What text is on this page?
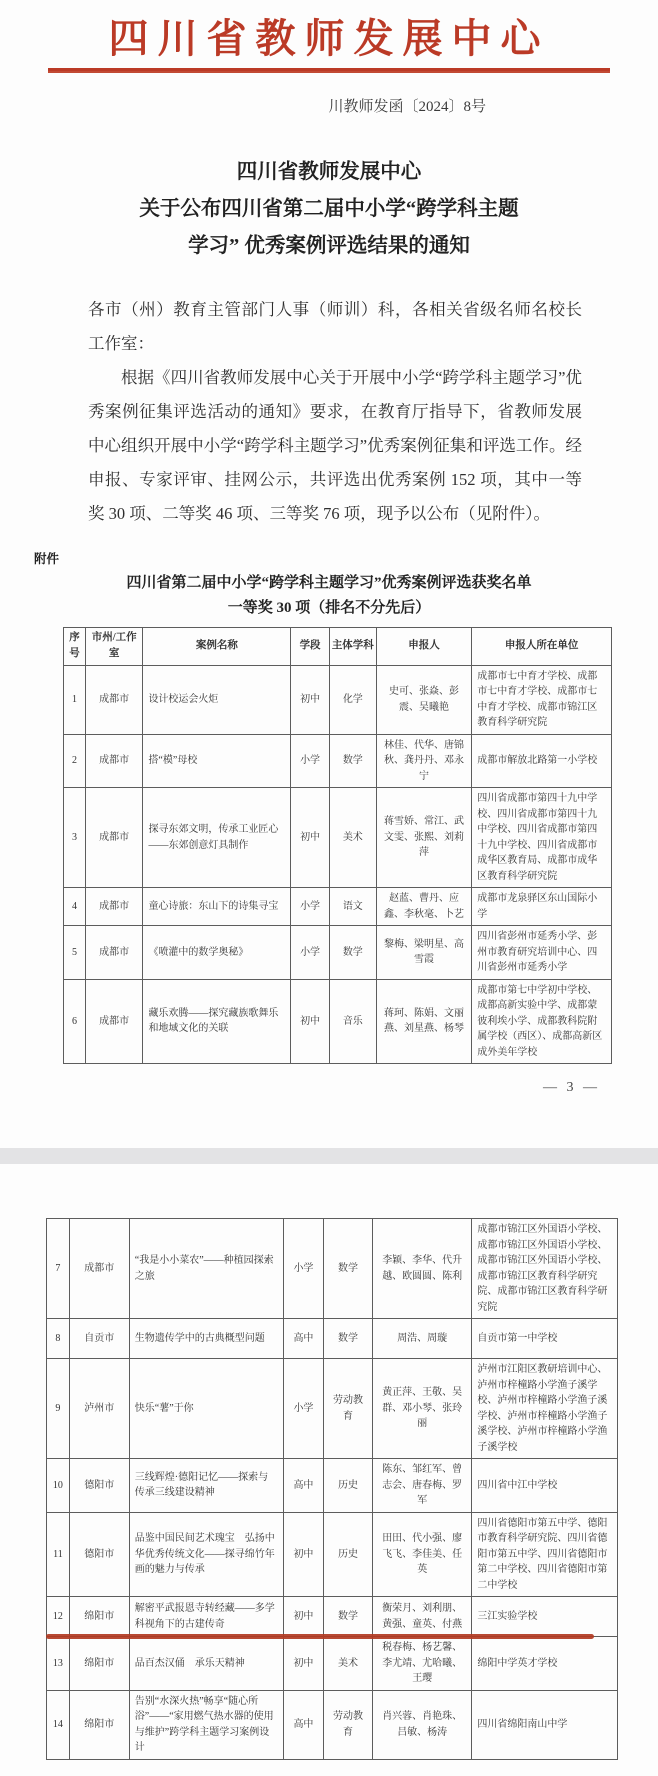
四川省教师发展中心
川教师发函〔2024〕8号
四川省教师发展中心
关于公布四川省第二届中小学“跨学科主题
学习” 优秀案例评选结果的通知

各市（州）教育主管部门人事（师训）科，各相关省级名师名校长工作室：

根据《四川省教师发展中心关于开展中小学“跨学科主题学习”优秀案例征集评选活动的通知》要求，在教育厅指导下，省教师发展中心组织开展中小学“跨学科主题学习”优秀案例征集和评选工作。经申报、专家评审、挂网公示，共评选出优秀案例 152 项，其中一等奖 30 项、二等奖 46 项、三等奖 76 项，现予以公布（见附件）。

附件
四川省第二届中小学“跨学科主题学习”优秀案例评选获奖名单
一等奖 30 项（排名不分先后）
序号	市州/工作室	案例名称	学段	主体学科	申报人	申报人所在单位
1	成都市	设计校运会火炬	初中	化学	史可、张焱、彭震、吴曦艳	成都市七中育才学校、成都市七中育才学校、成都市七中育才学校、成都市锦江区教育科学研究院
2	成都市	搭“模”母校	小学	数学	林佳、代华、唐锦秋、龚丹丹、邓永宁	成都市解放北路第一小学校
3	成都市	探寻东郊文明，传承工业匠心——东郊创意灯具制作	初中	美术	蒋雪娇、常江、武文雯、张熙、刘莉萍	四川省成都市第四十九中学校、四川省成都市第四十九中学校、四川省成都市第四十九中学校、四川省成都市成华区教育局、成都市成华区教育科学研究院
4	成都市	童心诗旅：东山下的诗集寻宝	小学	语文	赵蓝、曹丹、应鑫、李秋毫、卜艺	成都市龙泉驿区东山国际小学
5	成都市	《喷灌中的数学奥秘》	小学	数学	黎梅、梁明星、高雪霞	四川省彭州市延秀小学、彭州市教育研究培训中心、四川省彭州市延秀小学
6	成都市	藏乐欢腾——探究藏族歌舞乐和地域文化的关联	初中	音乐	蒋珂、陈娟、文丽燕、刘星燕、杨琴	成都市第七中学初中学校、成都高新实验中学、成都蒙彼利埃小学、成都教科院附属学校（西区）、成都高新区成外美年学校
— 3 —
7	成都市	“我是小小菜农”——种植园探索之旅	小学	数学	李颖、李华、代升越、欧圆圆、陈利	成都市锦江区外国语小学校、成都市锦江区外国语小学校、成都市锦江区外国语小学校、成都市锦江区教育科学研究院、成都市锦江区教育科学研究院
8	自贡市	生物遗传学中的古典概型问题	高中	数学	周浩、周璇	自贡市第一中学校
9	泸州市	快乐“薯”于你	小学	劳动教育	黄正萍、王敬、吴群、邓小琴、张玲丽	泸州市江阳区教研培训中心、泸州市梓橦路小学渔子溪学校、泸州市梓橦路小学渔子溪学校、泸州市梓橦路小学渔子溪学校、泸州市梓橦路小学渔子溪学校
10	德阳市	三线辉煌·德阳记忆——探索与传承三线建设精神	高中	历史	陈东、邹红军、曾志会、唐春梅、罗军	四川省中江中学校
11	德阳市	品鉴中国民间艺术瑰宝　弘扬中华优秀传统文化——探寻绵竹年画的魅力与传承	初中	历史	田田、代小强、廖飞飞、李佳美、任英	四川省德阳市第五中学、德阳市教育科学研究院、四川省德阳市第五中学、四川省德阳市第二中学校、四川省德阳市第二中学校
12	绵阳市	解密平武报恩寺转经藏——多学科视角下的古建传奇	初中	数学	衡荣月、刘利朋、黄强、童英、付燕	三江实验学校
13	绵阳市	品百杰汉俑　承乐天精神	初中	美术	税春梅、杨艺馨、李尤靖、尤哈曦、王璎	绵阳中学英才学校
14	绵阳市	告别“水深火热”畅享“随心所浴”——“家用燃气热水器的使用与维护”跨学科主题学习案例设计	高中	劳动教育	肖兴蓉、肖艳珠、吕敏、杨涛	四川省绵阳南山中学
